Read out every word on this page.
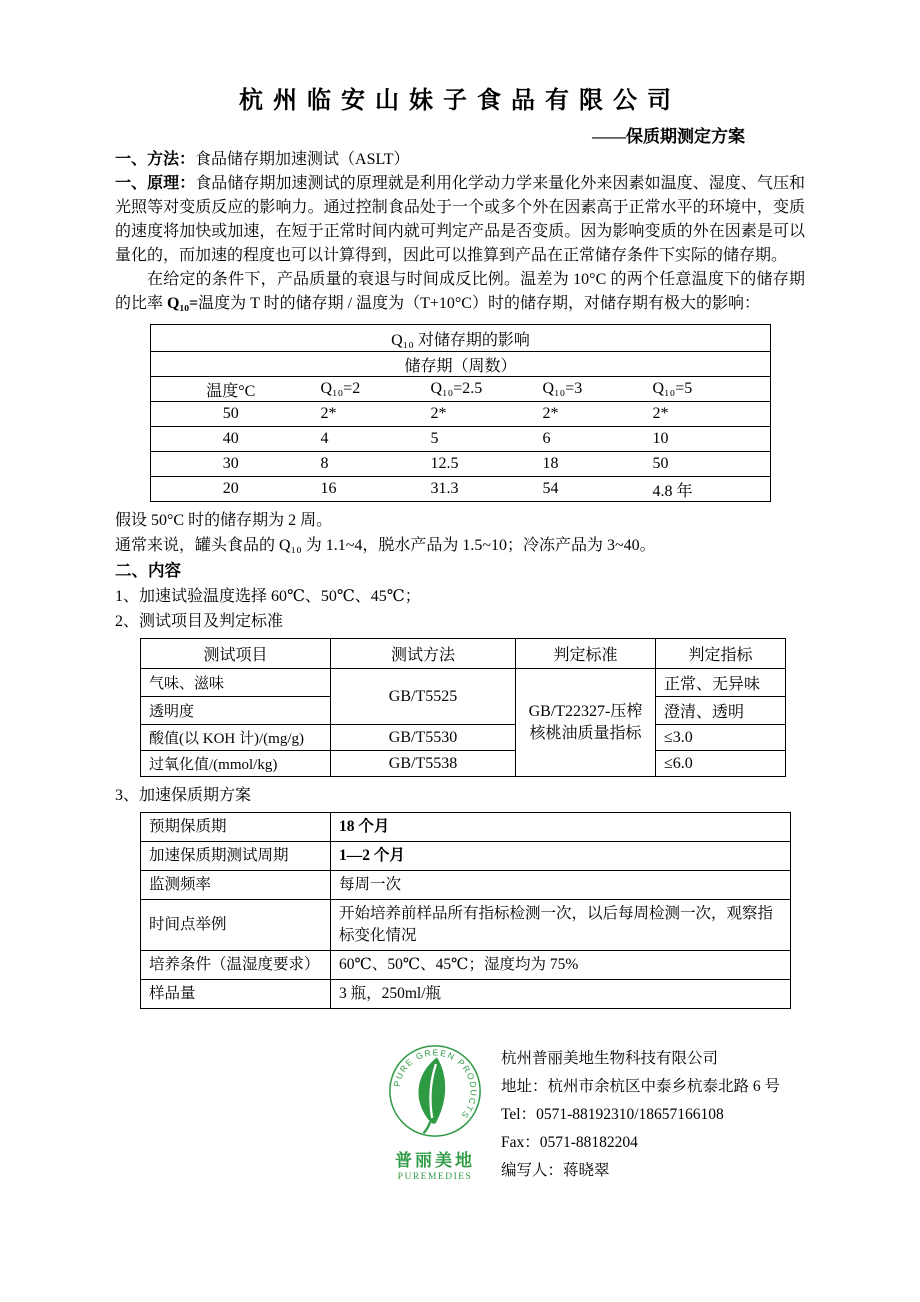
杭州临安山妹子食品有限公司
——保质期测定方案

一、方法：食品储存期加速测试（ASLT）

一、原理：食品储存期加速测试的原理就是利用化学动力学来量化外来因素如温度、湿度、气压和光照等对变质反应的影响力。通过控制食品处于一个或多个外在因素高于正常水平的环境中，变质的速度将加快或加速，在短于正常时间内就可判定产品是否变质。因为影响变质的外在因素是可以量化的，而加速的程度也可以计算得到，因此可以推算到产品在正常储存条件下实际的储存期。

在给定的条件下，产品质量的衰退与时间成反比例。温差为 10°C 的两个任意温度下的储存期的比率 Q₁₀=温度为 T 时的储存期 / 温度为（T+10°C）时的储存期，对储存期有极大的影响：

Q₁₀ 对储存期的影响				
储存期（周数）				
温度°C	Q₁₀=2	Q₁₀=2.5	Q₁₀=3	Q₁₀=5
50	2*	2*	2*	2*
40	4	5	6	10
30	8	12.5	18	50
20	16	31.3	54	4.8 年

假设 50°C 时的储存期为 2 周。

通常来说，罐头食品的 Q₁₀ 为 1.1~4，脱水产品为 1.5~10；冷冻产品为 3~40。

二、内容

1、加速试验温度选择 60℃、50℃、45℃；

2、测试项目及判定标准

测试项目	测试方法	判定标准	判定指标
气味、滋味	GB/T5525	GB/T22327-压榨核桃油质量指标	正常、无异味
透明度			澄清、透明
酸值(以 KOH 计)/(mg/g)	GB/T5530		≤3.0
过氧化值/(mmol/kg)	GB/T5538		≤6.0

3、加速保质期方案

预期保质期	18 个月
加速保质期测试周期	1—2 个月
监测频率	每周一次
时间点举例	开始培养前样品所有指标检测一次，以后每周检测一次，观察指标变化情况
培养条件（温湿度要求）	60℃、50℃、45℃；湿度均为 75%
样品量	3 瓶，250ml/瓶
PURE GREEN PRODUCTS
普丽美地
PUREMEDIES
杭州普丽美地生物科技有限公司
地址：杭州市余杭区中泰乡杭泰北路 6 号
Tel：0571-88192310/18657166108
Fax：0571-88182204
编写人：蒋晓翠
